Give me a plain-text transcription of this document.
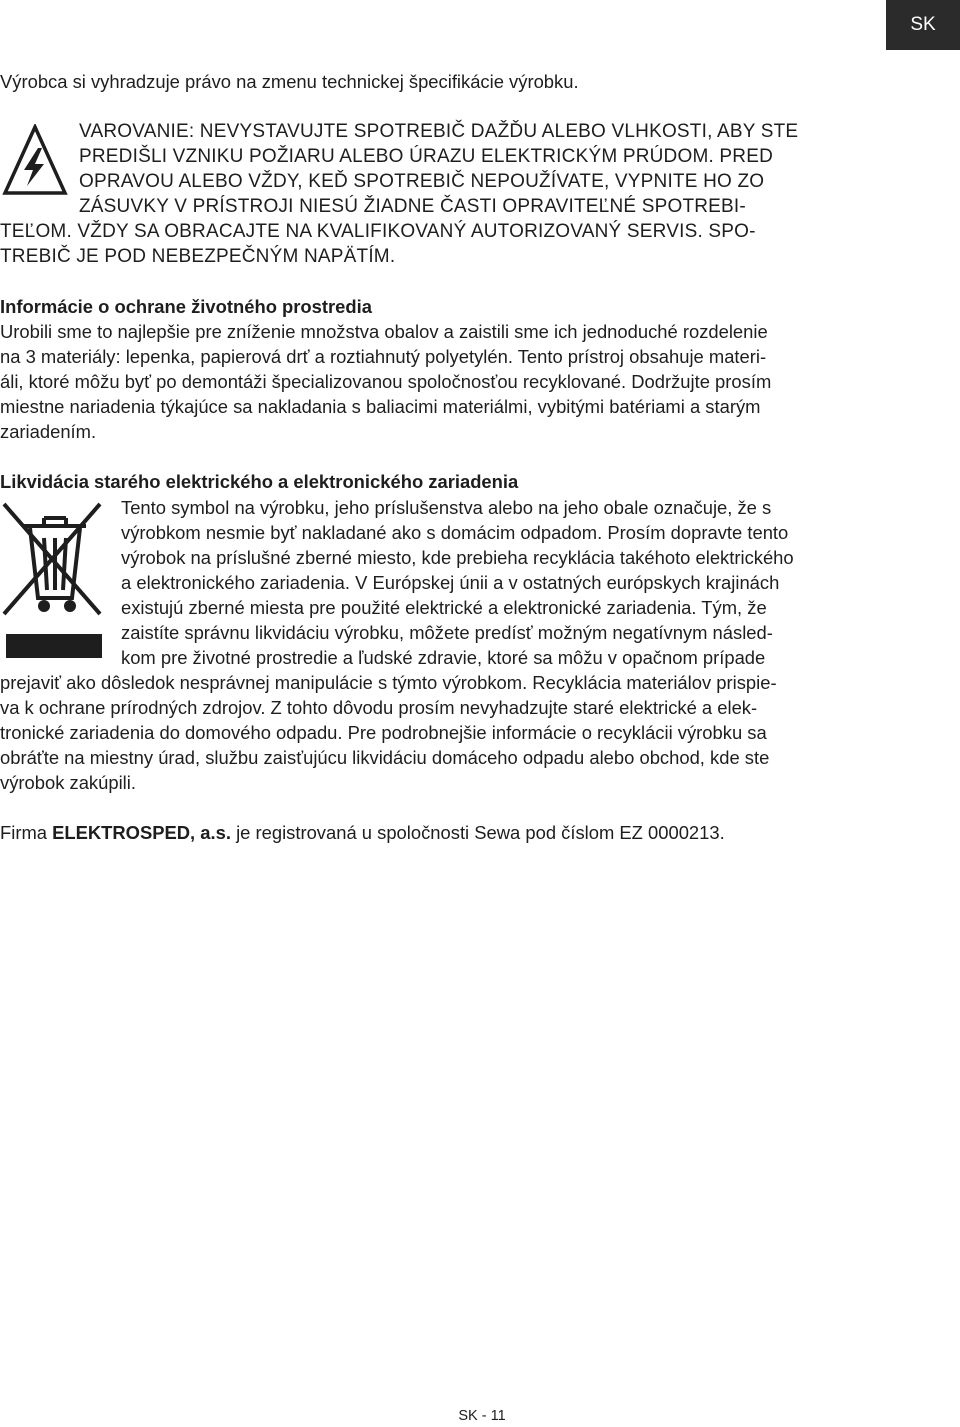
SK
Výrobca si vyhradzuje právo na zmenu technickej špecifikácie výrobku.
VAROVANIE: NEVYSTAVUJTE SPOTREBIČ DAŽĎU ALEBO VLHKOSTI, ABY STE
PREDIŠLI VZNIKU POŽIARU ALEBO ÚRAZU ELEKTRICKÝM PRÚDOM. PRED
OPRAVOU ALEBO VŽDY, KEĎ SPOTREBIČ NEPOUŽÍVATE, VYPNITE HO ZO
ZÁSUVKY V PRÍSTROJI NIESÚ ŽIADNE ČASTI OPRAVITEĽNÉ SPOTREBI-
TEĽOM. VŽDY SA OBRACAJTE NA KVALIFIKOVANÝ AUTORIZOVANÝ SERVIS. SPO-
TREBIČ JE POD NEBEZPEČNÝM NAPÄTÍM.
Informácie o ochrane životného prostredia
Urobili sme to najlepšie pre zníženie množstva obalov a zaistili sme ich jednoduché rozdelenie
na 3 materiály: lepenka, papierová drť a roztiahnutý polyetylén. Tento prístroj obsahuje materi-
áli, ktoré môžu byť po demontáži špecializovanou spoločnosťou recyklované. Dodržujte prosím
miestne nariadenia týkajúce sa nakladania s baliacimi materiálmi, vybitými batériami a starým
zariadením.
Likvidácia starého elektrického a elektronického zariadenia
Tento symbol na výrobku, jeho príslušenstva alebo na jeho obale označuje, že s
výrobkom nesmie byť nakladané ako s domácim odpadom. Prosím dopravte tento
výrobok na príslušné zberné miesto, kde prebieha recyklácia takéhoto elektrického
a elektronického zariadenia. V Európskej únii a v ostatných európskych krajinách
existujú zberné miesta pre použité elektrické a elektronické zariadenia. Tým, že
zaistíte správnu likvidáciu výrobku, môžete predísť možným negatívnym násled-
kom pre životné prostredie a ľudské zdravie, ktoré sa môžu v opačnom prípade
prejaviť ako dôsledok nesprávnej manipulácie s týmto výrobkom. Recyklácia materiálov prispie-
va k ochrane prírodných zdrojov. Z tohto dôvodu prosím nevyhadzujte staré elektrické a elek-
tronické zariadenia do domového odpadu. Pre podrobnejšie informácie o recyklácii výrobku sa
obráťte na miestny úrad, službu zaisťujúcu likvidáciu domáceho odpadu alebo obchod, kde ste
výrobok zakúpili.
Firma ELEKTROSPED, a.s. je registrovaná u spoločnosti Sewa pod číslom EZ 0000213.
SK - 11
